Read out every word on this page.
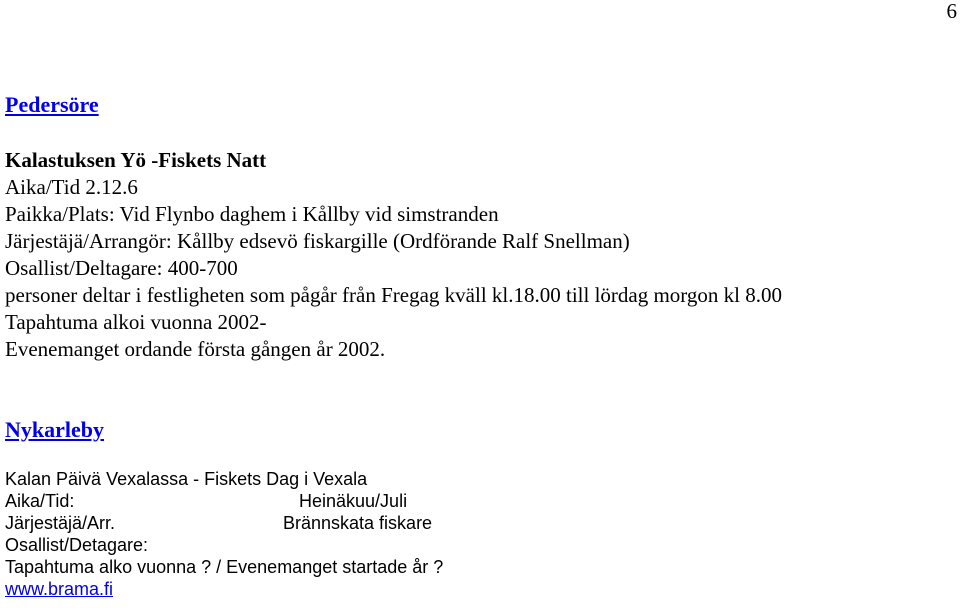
6
Pedersöre
Kalastuksen Yö -Fiskets Natt
Aika/Tid 2.12.6
Paikka/Plats: Vid Flynbo daghem i Kållby vid simstranden
Järjestäjä/Arrangör: Kållby edsevö fiskargille (Ordförande Ralf Snellman)
Osallist/Deltagare: 400-700
personer deltar i festligheten som pågår från Fregag kväll kl.18.00 till lördag morgon kl 8.00
Tapahtuma alkoi vuonna 2002-
Evenemanget ordande första gången år 2002.
Nykarleby
Kalan Päivä Vexalassa - Fiskets Dag i Vexala
Aika/Tid:	Heinäkuu/Juli
Järjestäjä/Arr.	Brännskata fiskare
Osallist/Detagare:
Tapahtuma alko vuonna ? / Evenemanget startade år ?
www.brama.fi
